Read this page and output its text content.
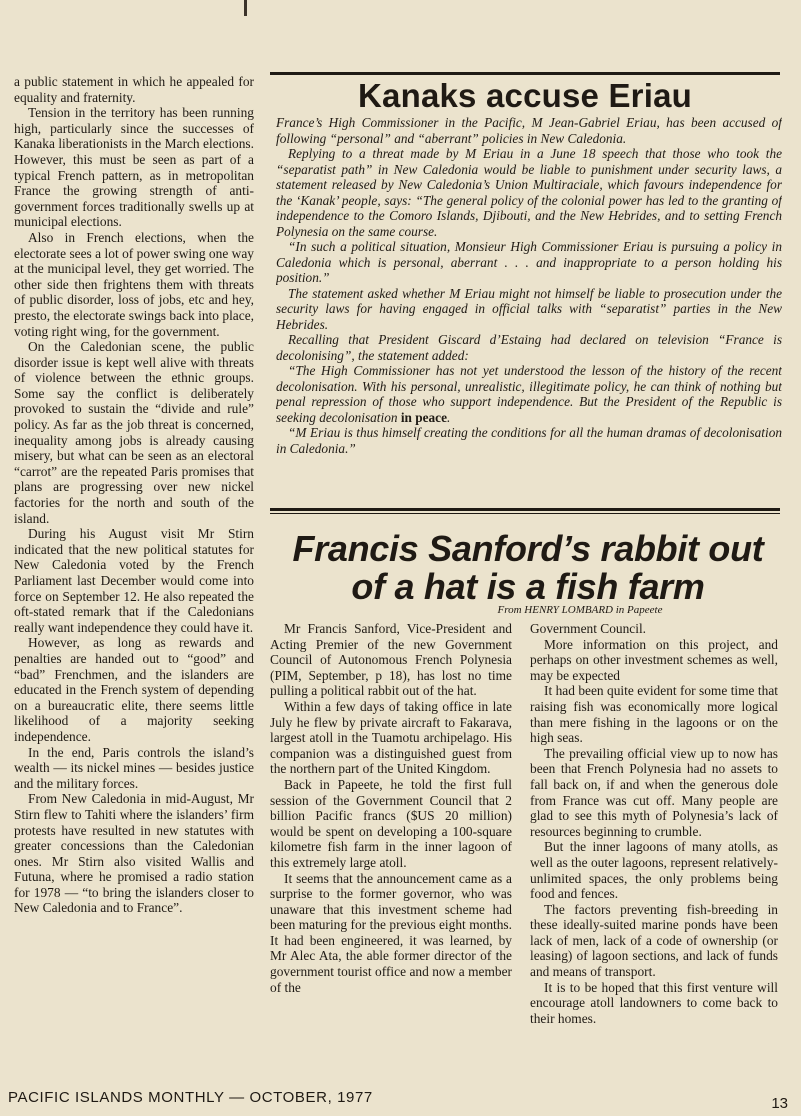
a public statement in which he appealed for equality and fraternity.

Tension in the territory has been running high, particularly since the successes of Kanaka liberationists in the March elections. However, this must be seen as part of a typical French pattern, as in metropolitan France the growing strength of anti-government forces traditionally swells up at municipal elections.

Also in French elections, when the electorate sees a lot of power swing one way at the municipal level, they get worried. The other side then frightens them with threats of public disorder, loss of jobs, etc and hey, presto, the electorate swings back into place, voting right wing, for the government.

On the Caledonian scene, the public disorder issue is kept well alive with threats of violence between the ethnic groups. Some say the conflict is deliberately provoked to sustain the “divide and rule” policy. As far as the job threat is concerned, inequality among jobs is already causing misery, but what can be seen as an electoral “carrot” are the repeated Paris promises that plans are progressing over new nickel factories for the north and south of the island.

During his August visit Mr Stirn indicated that the new political statutes for New Caledonia voted by the French Parliament last December would come into force on September 12. He also repeated the oft-stated remark that if the Caledonians really want independence they could have it.

However, as long as rewards and penalties are handed out to “good” and “bad” Frenchmen, and the islanders are educated in the French system of depending on a bureaucratic elite, there seems little likelihood of a majority seeking independence.

In the end, Paris controls the island’s wealth — its nickel mines — besides justice and the military forces.

From New Caledonia in mid-August, Mr Stirn flew to Tahiti where the islanders’ firm protests have resulted in new statutes with greater concessions than the Caledonian ones. Mr Stirn also visited Wallis and Futuna, where he promised a radio station for 1978 — “to bring the islanders closer to New Caledonia and to France”.

Kanaks accuse Eriau

France’s High Commissioner in the Pacific, M Jean-Gabriel Eriau, has been accused of following “personal” and “aberrant” policies in New Caledonia.

Replying to a threat made by M Eriau in a June 18 speech that those who took the “separatist path” in New Caledonia would be liable to punishment under security laws, a statement released by New Caledonia’s Union Multiraciale, which favours independence for the ‘Kanak’ people, says: “The general policy of the colonial power has led to the granting of independence to the Comoro Islands, Djibouti, and the New Hebrides, and to setting French Polynesia on the same course.

“In such a political situation, Monsieur High Commissioner Eriau is pursuing a policy in Caledonia which is personal, aberrant . . . and inappropriate to a person holding his position.”

The statement asked whether M Eriau might not himself be liable to prosecution under the security laws for having engaged in official talks with “separatist” parties in the New Hebrides.

Recalling that President Giscard d’Estaing had declared on television “France is decolonising”, the statement added:

“The High Commissioner has not yet understood the lesson of the history of the recent decolonisation. With his personal, unrealistic, illegitimate policy, he can think of nothing but penal repression of those who support independence. But the President of the Republic is seeking decolonisation in peace.

“M Eriau is thus himself creating the conditions for all the human dramas of decolonisation in Caledonia.”

Francis Sanford’s rabbit out
of a hat is a fish farm
From HENRY LOMBARD in Papeete

Mr Francis Sanford, Vice-President and Acting Premier of the new Government Council of Autonomous French Polynesia (PIM, September, p 18), has lost no time pulling a political rabbit out of the hat.

Within a few days of taking office in late July he flew by private aircraft to Fakarava, largest atoll in the Tuamotu archipelago. His companion was a distinguished guest from the northern part of the United Kingdom.

Back in Papeete, he told the first full session of the Government Council that 2 billion Pacific francs ($US 20 million) would be spent on developing a 100-square kilometre fish farm in the inner lagoon of this extremely large atoll.

It seems that the announcement came as a surprise to the former governor, who was unaware that this investment scheme had been maturing for the previous eight months. It had been engineered, it was learned, by Mr Alec Ata, the able former director of the government tourist office and now a member of the

Government Council.

More information on this project, and perhaps on other investment schemes as well, may be expected

It had been quite evident for some time that raising fish was economically more logical than mere fishing in the lagoons or on the high seas.

The prevailing official view up to now has been that French Polynesia had no assets to fall back on, if and when the generous dole from France was cut off. Many people are glad to see this myth of Polynesia’s lack of resources beginning to crumble.

But the inner lagoons of many atolls, as well as the outer lagoons, represent relatively-unlimited spaces, the only problems being food and fences.

The factors preventing fish-breeding in these ideally-suited marine ponds have been lack of men, lack of a code of ownership (or leasing) of lagoon sections, and lack of funds and means of transport.

It is to be hoped that this first venture will encourage atoll landowners to come back to their homes.

PACIFIC ISLANDS MONTHLY — OCTOBER, 1977	13
